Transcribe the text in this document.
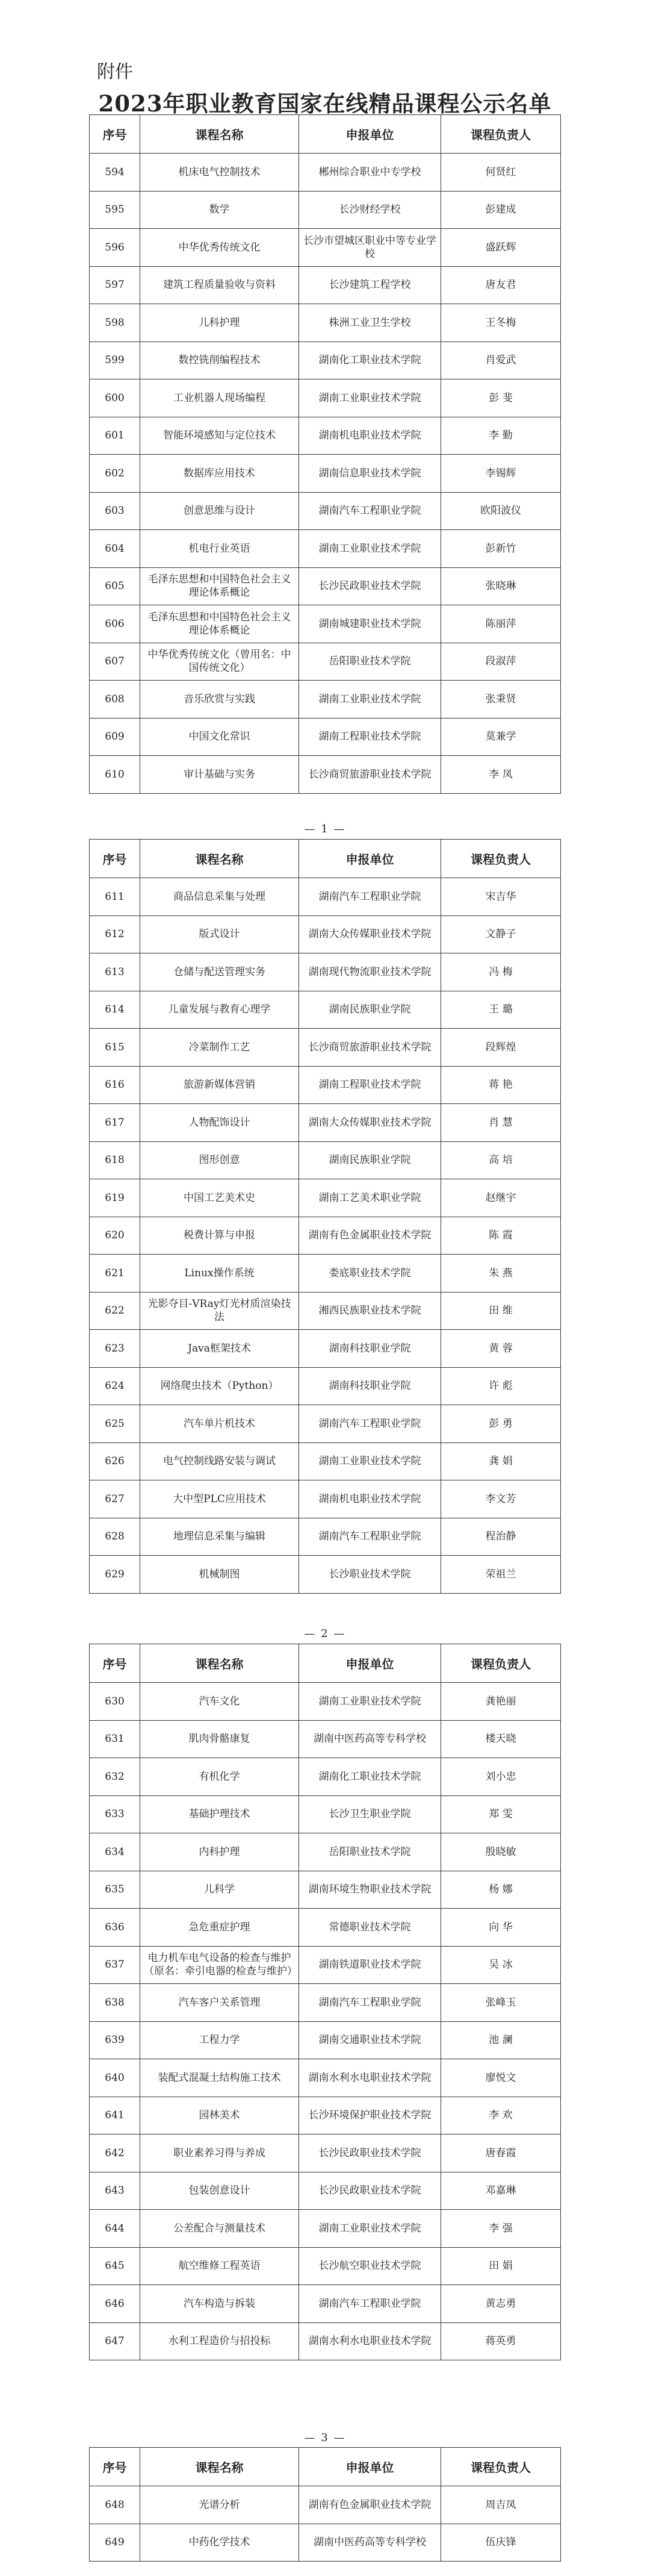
附件
2023年职业教育国家在线精品课程公示名单
序号	课程名称	申报单位	课程负责人
594	机床电气控制技术	郴州综合职业中专学校	何贤红
595	数学	长沙财经学校	彭建成
596	中华优秀传统文化	长沙市望城区职业中等专业学校	盛跃辉
597	建筑工程质量验收与资料	长沙建筑工程学校	唐友君
598	儿科护理	株洲工业卫生学校	王冬梅
599	数控铣削编程技术	湖南化工职业技术学院	肖爱武
600	工业机器人现场编程	湖南工业职业技术学院	彭 斐
601	智能环境感知与定位技术	湖南机电职业技术学院	李 勤
602	数据库应用技术	湖南信息职业技术学院	李锡辉
603	创意思维与设计	湖南汽车工程职业学院	欧阳波仪
604	机电行业英语	湖南工业职业技术学院	彭新竹
605	毛泽东思想和中国特色社会主义理论体系概论	长沙民政职业技术学院	张晓琳
606	毛泽东思想和中国特色社会主义理论体系概论	湖南城建职业技术学院	陈丽萍
607	中华优秀传统文化（曾用名：中国传统文化）	岳阳职业技术学院	段淑萍
608	音乐欣赏与实践	湖南工业职业技术学院	张秉贤
609	中国文化常识	湖南工程职业技术学院	莫兼学
610	审计基础与实务	长沙商贸旅游职业技术学院	李 凤
— 1 —
序号	课程名称	申报单位	课程负责人
611	商品信息采集与处理	湖南汽车工程职业学院	宋吉华
612	版式设计	湖南大众传媒职业技术学院	文静子
613	仓储与配送管理实务	湖南现代物流职业技术学院	冯 梅
614	儿童发展与教育心理学	湖南民族职业学院	王 璐
615	冷菜制作工艺	长沙商贸旅游职业技术学院	段辉煌
616	旅游新媒体营销	湖南工程职业技术学院	蒋 艳
617	人物配饰设计	湖南大众传媒职业技术学院	肖 慧
618	图形创意	湖南民族职业学院	高 培
619	中国工艺美术史	湖南工艺美术职业学院	赵继宇
620	税费计算与申报	湖南有色金属职业技术学院	陈 霞
621	Linux操作系统	娄底职业技术学院	朱 燕
622	光影夺目-VRay灯光材质渲染技法	湘西民族职业技术学院	田 维
623	Java框架技术	湖南科技职业学院	黄 蓉
624	网络爬虫技术（Python）	湖南科技职业学院	许 彪
625	汽车单片机技术	湖南汽车工程职业学院	彭 勇
626	电气控制线路安装与调试	湖南工业职业技术学院	龚 娟
627	大中型PLC应用技术	湖南机电职业技术学院	李文芳
628	地理信息采集与编辑	湖南汽车工程职业学院	程治静
629	机械制图	长沙职业技术学院	荣祖兰
— 2 —
序号	课程名称	申报单位	课程负责人
630	汽车文化	湖南工业职业技术学院	龚艳丽
631	肌肉骨骼康复	湖南中医药高等专科学校	楼天晓
632	有机化学	湖南化工职业技术学院	刘小忠
633	基础护理技术	长沙卫生职业学院	郑 雯
634	内科护理	岳阳职业技术学院	殷晓敏
635	儿科学	湖南环境生物职业技术学院	杨 娜
636	急危重症护理	常德职业技术学院	向 华
637	电力机车电气设备的检查与维护（原名：牵引电器的检查与维护）	湖南铁道职业技术学院	吴 冰
638	汽车客户关系管理	湖南汽车工程职业学院	张峰玉
639	工程力学	湖南交通职业技术学院	池 澜
640	装配式混凝土结构施工技术	湖南水利水电职业技术学院	廖悦文
641	园林美术	长沙环境保护职业技术学院	李 欢
642	职业素养习得与养成	长沙民政职业技术学院	唐春霞
643	包装创意设计	长沙民政职业技术学院	邓嘉琳
644	公差配合与测量技术	湖南工业职业技术学院	李 强
645	航空维修工程英语	长沙航空职业技术学院	田 娟
646	汽车构造与拆装	湖南汽车工程职业学院	黄志勇
647	水利工程造价与招投标	湖南水利水电职业技术学院	蒋英勇
— 3 —
序号	课程名称	申报单位	课程负责人
648	光谱分析	湖南有色金属职业技术学院	周吉凤
649	中药化学技术	湖南中医药高等专科学校	伍庆锋
